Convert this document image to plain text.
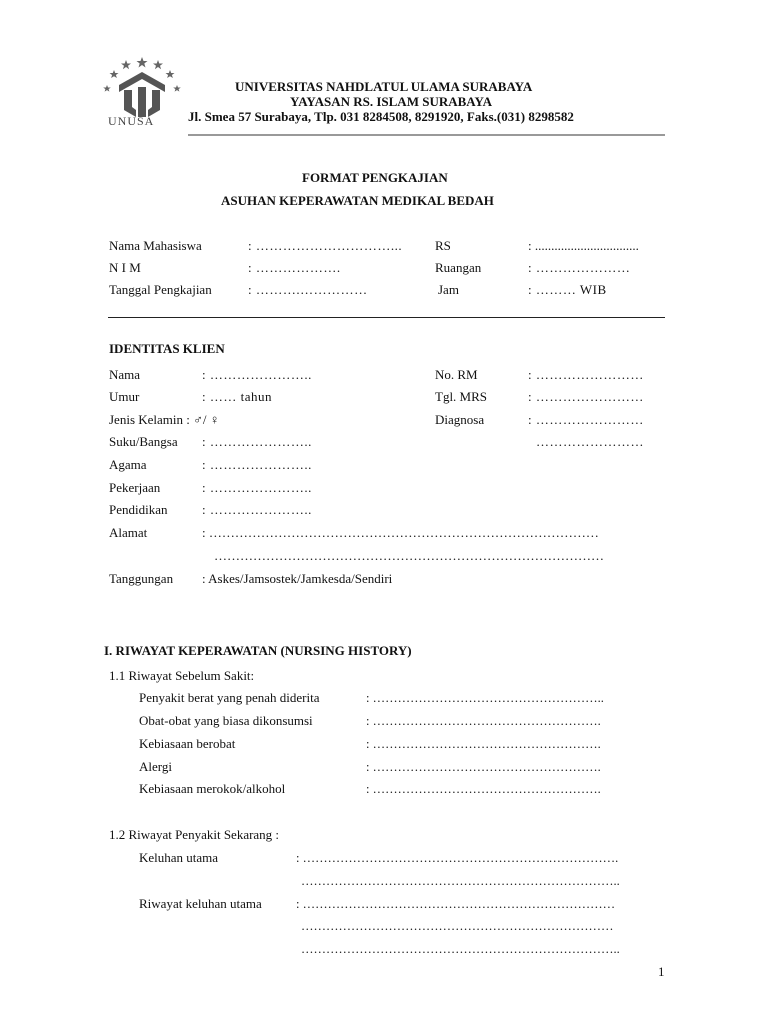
UNUSA
UNIVERSITAS NAHDLATUL ULAMA SURABAYA
YAYASAN RS. ISLAM SURABAYA
Jl. Smea 57 Surabaya, Tlp. 031 8284508, 8291920, Faks.(031) 8298582
FORMAT PENGKAJIAN
ASUHAN KEPERAWATAN MEDIKAL BEDAH
Nama Mahasiswa	: …………………………...	RS	: ................................
N I M	: ……………….	Ruangan	: …………………
Tanggal Pengkajian	: ……….……………	Jam	: ……… WIB
IDENTITAS KLIEN
Nama	: …………………..	No. RM	: ……………………
Umur	: …… tahun	Tgl. MRS	: ……………………
Jenis Kelamin : ♂/ ♀	Diagnosa	: ……………………
Suku/Bangsa : …………………..	……………………
Agama	: …………………..
Pekerjaan	: …………………..
Pendidikan	: …………………..
Alamat	: ………………………………………………………………………………
………………………………………………………………………………
Tanggungan : Askes/Jamsostek/Jamkesda/Sendiri
I. RIWAYAT KEPERAWATAN (NURSING HISTORY)
1.1 Riwayat Sebelum Sakit:
Penyakit berat yang penah diderita	: ………………………………………………..
Obat-obat yang biasa dikonsumsi	: ……………………………………………….
Kebiasaan berobat	: ……………………………………………….
Alergi	: ……………………………………………….
Kebiasaan merokok/alkohol	: ……………………………………………….
1.2 Riwayat Penyakit Sekarang :
Keluhan utama	: ………………………………………………………………….
…………………………………………………………………..
Riwayat keluhan utama	: …………………………………………………………………
…………………………………………………………………
…………………………………………………………………..
1
